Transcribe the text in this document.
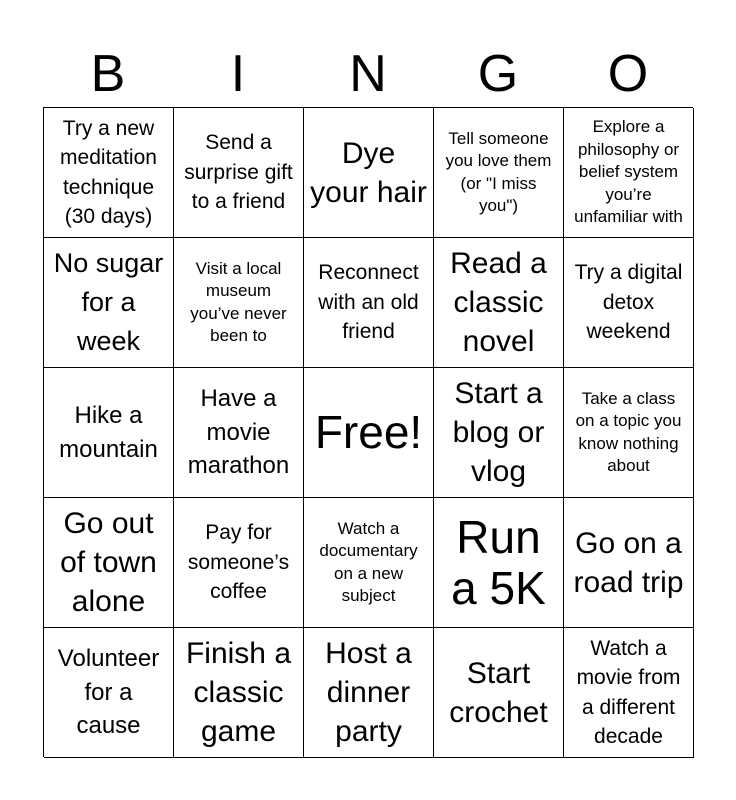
B	I	N	G	O
Try a new meditation technique (30 days)
Send a surprise gift to a friend
Dye your hair
Tell someone you love them (or "I miss you")
Explore a philosophy or belief system you’re unfamiliar with
No sugar for a week
Visit a local museum you’ve never been to
Reconnect with an old friend
Read a classic novel
Try a digital detox weekend
Hike a mountain
Have a movie marathon
Free!
Start a blog or vlog
Take a class on a topic you know nothing about
Go out of town alone
Pay for someone’s coffee
Watch a documentary on a new subject
Run a 5K
Go on a road trip
Volunteer for a cause
Finish a classic game
Host a dinner party
Start crochet
Watch a movie from a different decade
